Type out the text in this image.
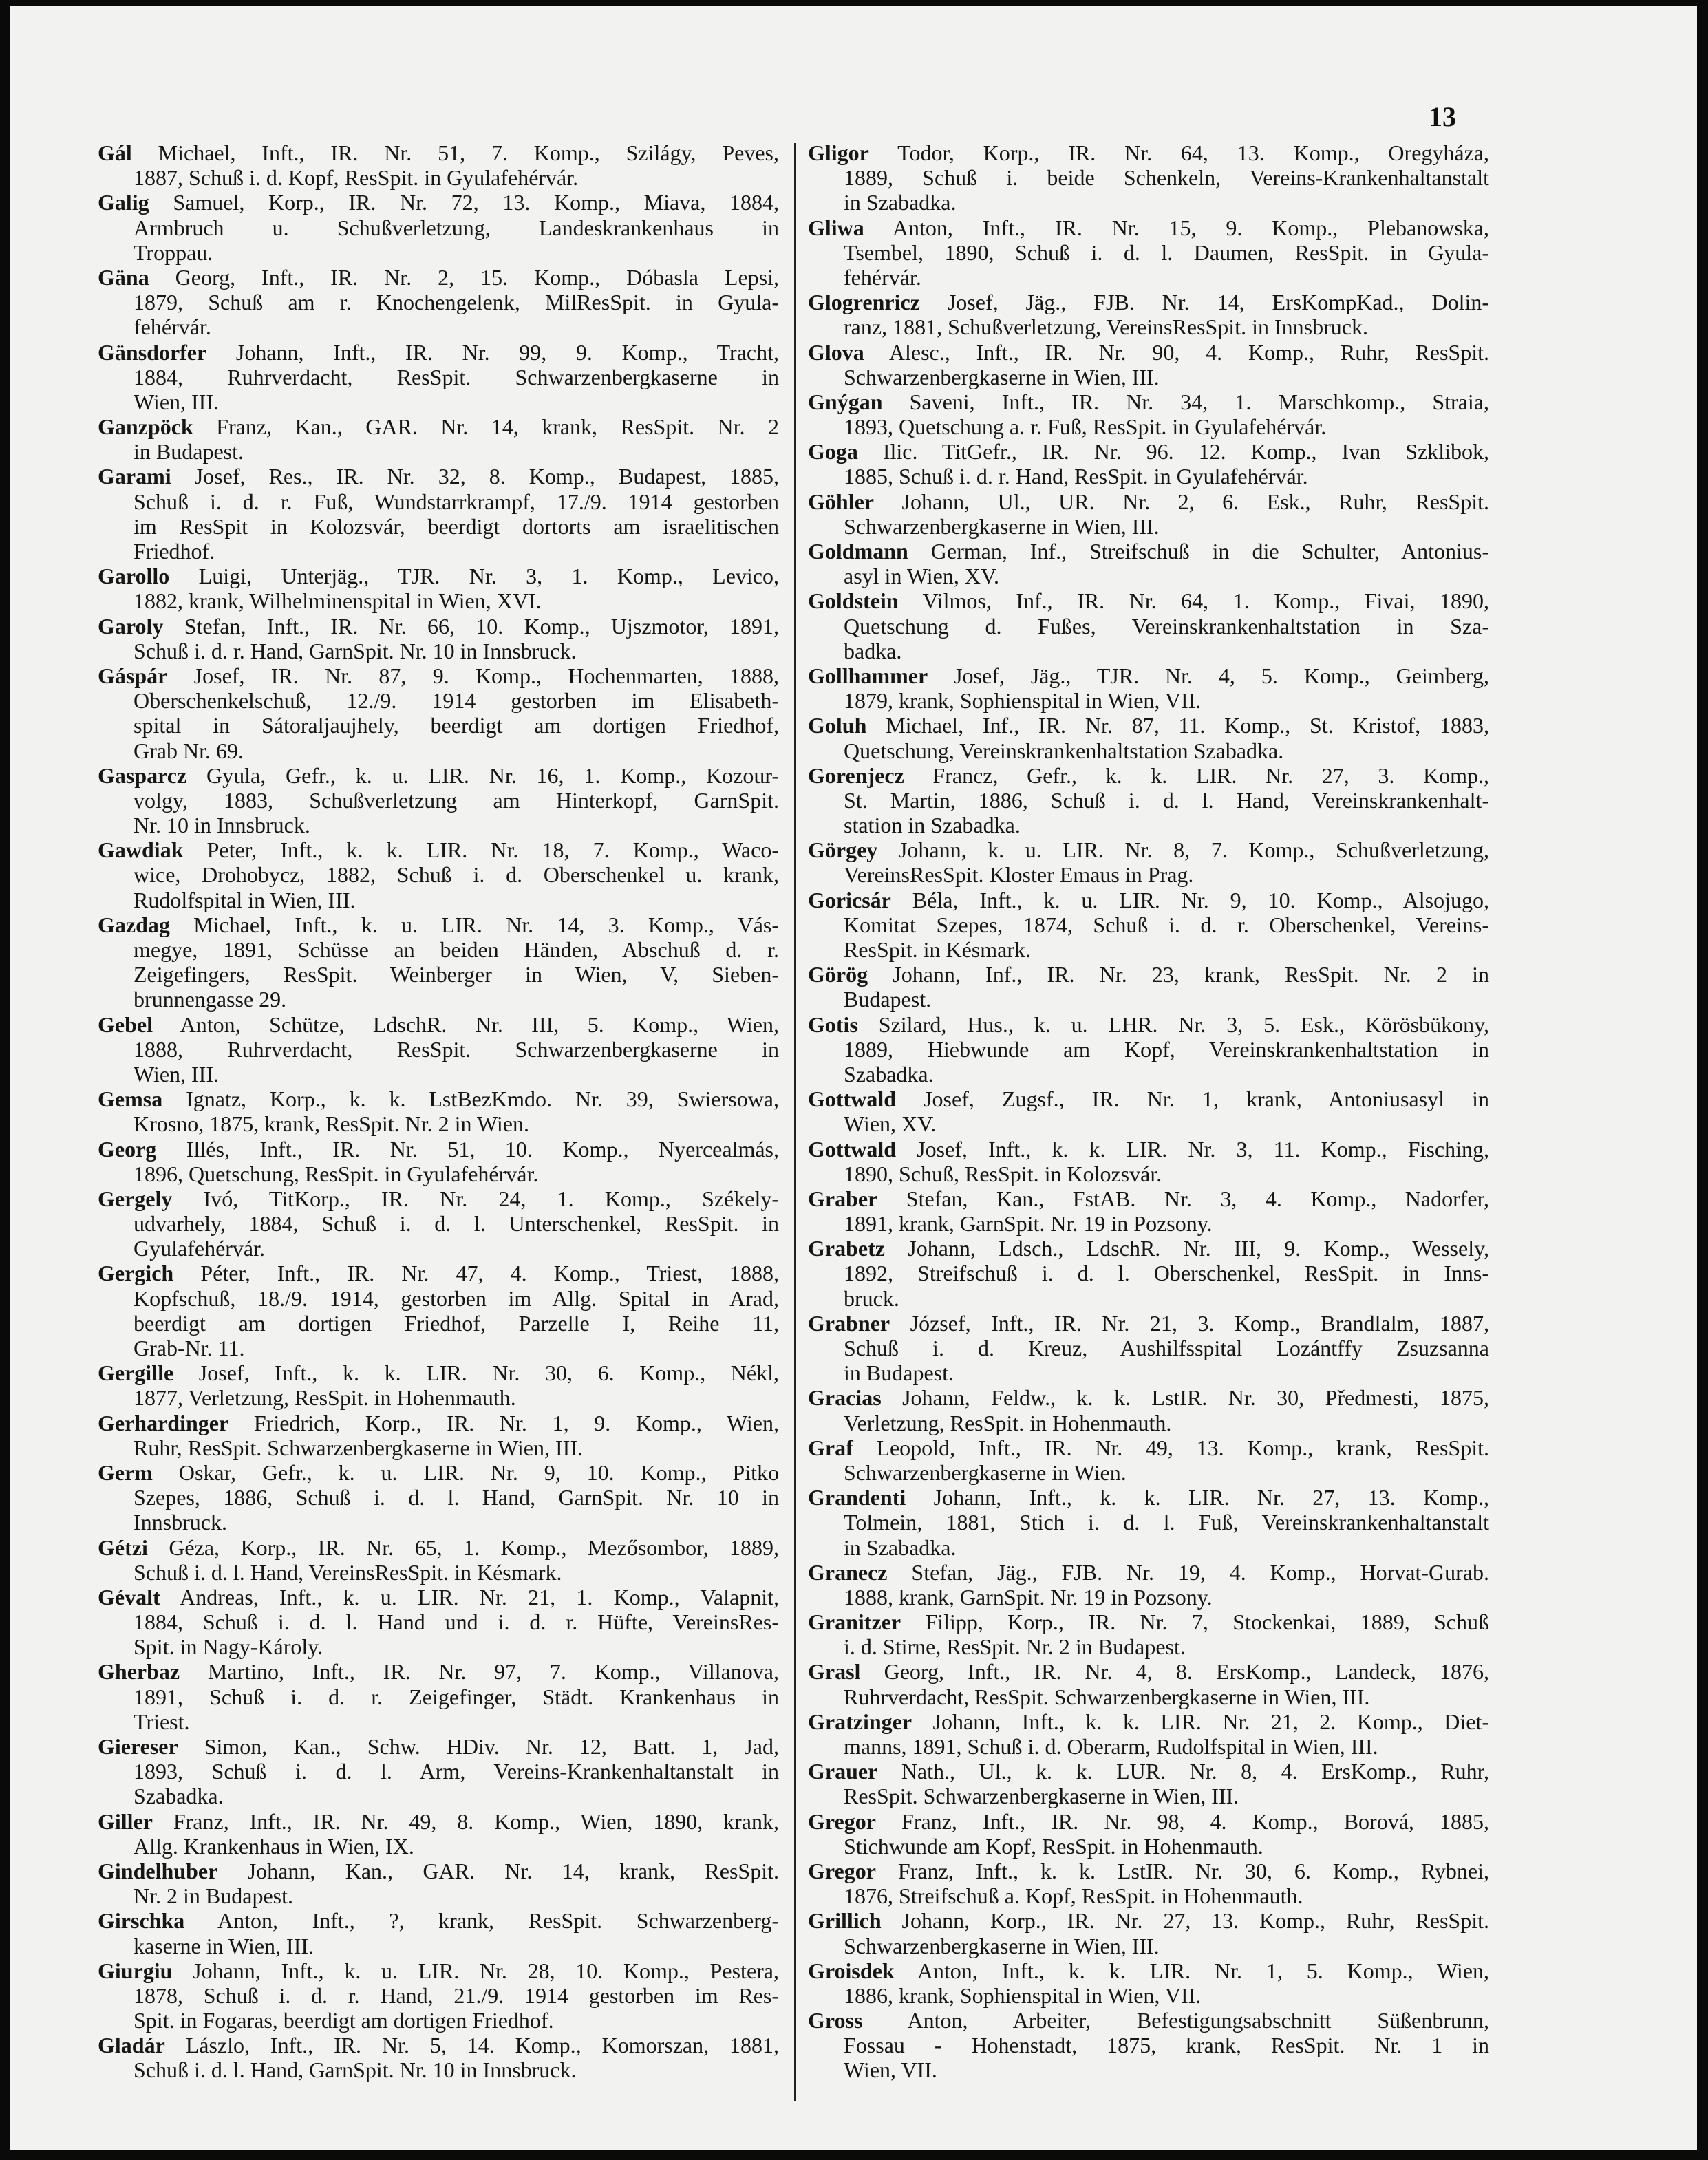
13
Gál Michael, Inft., IR. Nr. 51, 7. Komp., Szilágy, Peves,
1887, Schuß i. d. Kopf, ResSpit. in Gyulafehérvár.
Galig Samuel, Korp., IR. Nr. 72, 13. Komp., Miava, 1884,
Armbruch u. Schußverletzung, Landeskrankenhaus in
Troppau.
Gäna Georg, Inft., IR. Nr. 2, 15. Komp., Dóbasla Lepsi,
1879, Schuß am r. Knochengelenk, MilResSpit. in Gyula-
fehérvár.
Gänsdorfer Johann, Inft., IR. Nr. 99, 9. Komp., Tracht,
1884, Ruhrverdacht, ResSpit. Schwarzenbergkaserne in
Wien, III.
Ganzpöck Franz, Kan., GAR. Nr. 14, krank, ResSpit. Nr. 2
in Budapest.
Garami Josef, Res., IR. Nr. 32, 8. Komp., Budapest, 1885,
Schuß i. d. r. Fuß, Wundstarrkrampf, 17./9. 1914 gestorben
im ResSpit in Kolozsvár, beerdigt dortorts am israelitischen
Friedhof.
Garollo Luigi, Unterjäg., TJR. Nr. 3, 1. Komp., Levico,
1882, krank, Wilhelminenspital in Wien, XVI.
Garoly Stefan, Inft., IR. Nr. 66, 10. Komp., Ujszmotor, 1891,
Schuß i. d. r. Hand, GarnSpit. Nr. 10 in Innsbruck.
Gáspár Josef, IR. Nr. 87, 9. Komp., Hochenmarten, 1888,
Oberschenkelschuß, 12./9. 1914 gestorben im Elisabeth-
spital in Sátoraljaujhely, beerdigt am dortigen Friedhof,
Grab Nr. 69.
Gasparcz Gyula, Gefr., k. u. LIR. Nr. 16, 1. Komp., Kozour-
volgy, 1883, Schußverletzung am Hinterkopf, GarnSpit.
Nr. 10 in Innsbruck.
Gawdiak Peter, Inft., k. k. LIR. Nr. 18, 7. Komp., Waco-
wice, Drohobycz, 1882, Schuß i. d. Oberschenkel u. krank,
Rudolfspital in Wien, III.
Gazdag Michael, Inft., k. u. LIR. Nr. 14, 3. Komp., Vás-
megye, 1891, Schüsse an beiden Händen, Abschuß d. r.
Zeigefingers, ResSpit. Weinberger in Wien, V, Sieben-
brunnengasse 29.
Gebel Anton, Schütze, LdschR. Nr. III, 5. Komp., Wien,
1888, Ruhrverdacht, ResSpit. Schwarzenbergkaserne in
Wien, III.
Gemsa Ignatz, Korp., k. k. LstBezKmdo. Nr. 39, Swiersowa,
Krosno, 1875, krank, ResSpit. Nr. 2 in Wien.
Georg Illés, Inft., IR. Nr. 51, 10. Komp., Nyercealmás,
1896, Quetschung, ResSpit. in Gyulafehérvár.
Gergely Ivó, TitKorp., IR. Nr. 24, 1. Komp., Székely-
udvarhely, 1884, Schuß i. d. l. Unterschenkel, ResSpit. in
Gyulafehérvár.
Gergich Péter, Inft., IR. Nr. 47, 4. Komp., Triest, 1888,
Kopfschuß, 18./9. 1914, gestorben im Allg. Spital in Arad,
beerdigt am dortigen Friedhof, Parzelle I, Reihe 11,
Grab-Nr. 11.
Gergille Josef, Inft., k. k. LIR. Nr. 30, 6. Komp., Nékl,
1877, Verletzung, ResSpit. in Hohenmauth.
Gerhardinger Friedrich, Korp., IR. Nr. 1, 9. Komp., Wien,
Ruhr, ResSpit. Schwarzenbergkaserne in Wien, III.
Germ Oskar, Gefr., k. u. LIR. Nr. 9, 10. Komp., Pitko
Szepes, 1886, Schuß i. d. l. Hand, GarnSpit. Nr. 10 in
Innsbruck.
Gétzi Géza, Korp., IR. Nr. 65, 1. Komp., Mezősombor, 1889,
Schuß i. d. l. Hand, VereinsResSpit. in Késmark.
Gévalt Andreas, Inft., k. u. LIR. Nr. 21, 1. Komp., Valapnit,
1884, Schuß i. d. l. Hand und i. d. r. Hüfte, VereinsRes-
Spit. in Nagy-Károly.
Gherbaz Martino, Inft., IR. Nr. 97, 7. Komp., Villanova,
1891, Schuß i. d. r. Zeigefinger, Städt. Krankenhaus in
Triest.
Giereser Simon, Kan., Schw. HDiv. Nr. 12, Batt. 1, Jad,
1893, Schuß i. d. l. Arm, Vereins-Krankenhaltanstalt in
Szabadka.
Giller Franz, Inft., IR. Nr. 49, 8. Komp., Wien, 1890, krank,
Allg. Krankenhaus in Wien, IX.
Gindelhuber Johann, Kan., GAR. Nr. 14, krank, ResSpit.
Nr. 2 in Budapest.
Girschka Anton, Inft., ?, krank, ResSpit. Schwarzenberg-
kaserne in Wien, III.
Giurgiu Johann, Inft., k. u. LIR. Nr. 28, 10. Komp., Pestera,
1878, Schuß i. d. r. Hand, 21./9. 1914 gestorben im Res-
Spit. in Fogaras, beerdigt am dortigen Friedhof.
Gladár Lászlo, Inft., IR. Nr. 5, 14. Komp., Komorszan, 1881,
Schuß i. d. l. Hand, GarnSpit. Nr. 10 in Innsbruck.
Gligor Todor, Korp., IR. Nr. 64, 13. Komp., Oregyháza,
1889, Schuß i. beide Schenkeln, Vereins-Krankenhaltanstalt
in Szabadka.
Gliwa Anton, Inft., IR. Nr. 15, 9. Komp., Plebanowska,
Tsembel, 1890, Schuß i. d. l. Daumen, ResSpit. in Gyula-
fehérvár.
Glogrenricz Josef, Jäg., FJB. Nr. 14, ErsKompKad., Dolin-
ranz, 1881, Schußverletzung, VereinsResSpit. in Innsbruck.
Glova Alesc., Inft., IR. Nr. 90, 4. Komp., Ruhr, ResSpit.
Schwarzenbergkaserne in Wien, III.
Gnýgan Saveni, Inft., IR. Nr. 34, 1. Marschkomp., Straia,
1893, Quetschung a. r. Fuß, ResSpit. in Gyulafehérvár.
Goga Ilic. TitGefr., IR. Nr. 96. 12. Komp., Ivan Szklibok,
1885, Schuß i. d. r. Hand, ResSpit. in Gyulafehérvár.
Göhler Johann, Ul., UR. Nr. 2, 6. Esk., Ruhr, ResSpit.
Schwarzenbergkaserne in Wien, III.
Goldmann German, Inf., Streifschuß in die Schulter, Antonius-
asyl in Wien, XV.
Goldstein Vilmos, Inf., IR. Nr. 64, 1. Komp., Fivai, 1890,
Quetschung d. Fußes, Vereinskrankenhaltstation in Sza-
badka.
Gollhammer Josef, Jäg., TJR. Nr. 4, 5. Komp., Geimberg,
1879, krank, Sophienspital in Wien, VII.
Goluh Michael, Inf., IR. Nr. 87, 11. Komp., St. Kristof, 1883,
Quetschung, Vereinskrankenhaltstation Szabadka.
Gorenjecz Francz, Gefr., k. k. LIR. Nr. 27, 3. Komp.,
St. Martin, 1886, Schuß i. d. l. Hand, Vereinskrankenhalt-
station in Szabadka.
Görgey Johann, k. u. LIR. Nr. 8, 7. Komp., Schußverletzung,
VereinsResSpit. Kloster Emaus in Prag.
Goricsár Béla, Inft., k. u. LIR. Nr. 9, 10. Komp., Alsojugo,
Komitat Szepes, 1874, Schuß i. d. r. Oberschenkel, Vereins-
ResSpit. in Késmark.
Görög Johann, Inf., IR. Nr. 23, krank, ResSpit. Nr. 2 in
Budapest.
Gotis Szilard, Hus., k. u. LHR. Nr. 3, 5. Esk., Körösbükony,
1889, Hiebwunde am Kopf, Vereinskrankenhaltstation in
Szabadka.
Gottwald Josef, Zugsf., IR. Nr. 1, krank, Antoniusasyl in
Wien, XV.
Gottwald Josef, Inft., k. k. LIR. Nr. 3, 11. Komp., Fisching,
1890, Schuß, ResSpit. in Kolozsvár.
Graber Stefan, Kan., FstAB. Nr. 3, 4. Komp., Nadorfer,
1891, krank, GarnSpit. Nr. 19 in Pozsony.
Grabetz Johann, Ldsch., LdschR. Nr. III, 9. Komp., Wessely,
1892, Streifschuß i. d. l. Oberschenkel, ResSpit. in Inns-
bruck.
Grabner József, Inft., IR. Nr. 21, 3. Komp., Brandlalm, 1887,
Schuß i. d. Kreuz, Aushilfsspital Lozántffy Zsuzsanna
in Budapest.
Gracias Johann, Feldw., k. k. LstIR. Nr. 30, Předmesti, 1875,
Verletzung, ResSpit. in Hohenmauth.
Graf Leopold, Inft., IR. Nr. 49, 13. Komp., krank, ResSpit.
Schwarzenbergkaserne in Wien.
Grandenti Johann, Inft., k. k. LIR. Nr. 27, 13. Komp.,
Tolmein, 1881, Stich i. d. l. Fuß, Vereinskrankenhaltanstalt
in Szabadka.
Granecz Stefan, Jäg., FJB. Nr. 19, 4. Komp., Horvat-Gurab.
1888, krank, GarnSpit. Nr. 19 in Pozsony.
Granitzer Filipp, Korp., IR. Nr. 7, Stockenkai, 1889, Schuß
i. d. Stirne, ResSpit. Nr. 2 in Budapest.
Grasl Georg, Inft., IR. Nr. 4, 8. ErsKomp., Landeck, 1876,
Ruhrverdacht, ResSpit. Schwarzenbergkaserne in Wien, III.
Gratzinger Johann, Inft., k. k. LIR. Nr. 21, 2. Komp., Diet-
manns, 1891, Schuß i. d. Oberarm, Rudolfspital in Wien, III.
Grauer Nath., Ul., k. k. LUR. Nr. 8, 4. ErsKomp., Ruhr,
ResSpit. Schwarzenbergkaserne in Wien, III.
Gregor Franz, Inft., IR. Nr. 98, 4. Komp., Borová, 1885,
Stichwunde am Kopf, ResSpit. in Hohenmauth.
Gregor Franz, Inft., k. k. LstIR. Nr. 30, 6. Komp., Rybnei,
1876, Streifschuß a. Kopf, ResSpit. in Hohenmauth.
Grillich Johann, Korp., IR. Nr. 27, 13. Komp., Ruhr, ResSpit.
Schwarzenbergkaserne in Wien, III.
Groisdek Anton, Inft., k. k. LIR. Nr. 1, 5. Komp., Wien,
1886, krank, Sophienspital in Wien, VII.
Gross Anton, Arbeiter, Befestigungsabschnitt Süßenbrunn,
Fossau - Hohenstadt, 1875, krank, ResSpit. Nr. 1 in
Wien, VII.
